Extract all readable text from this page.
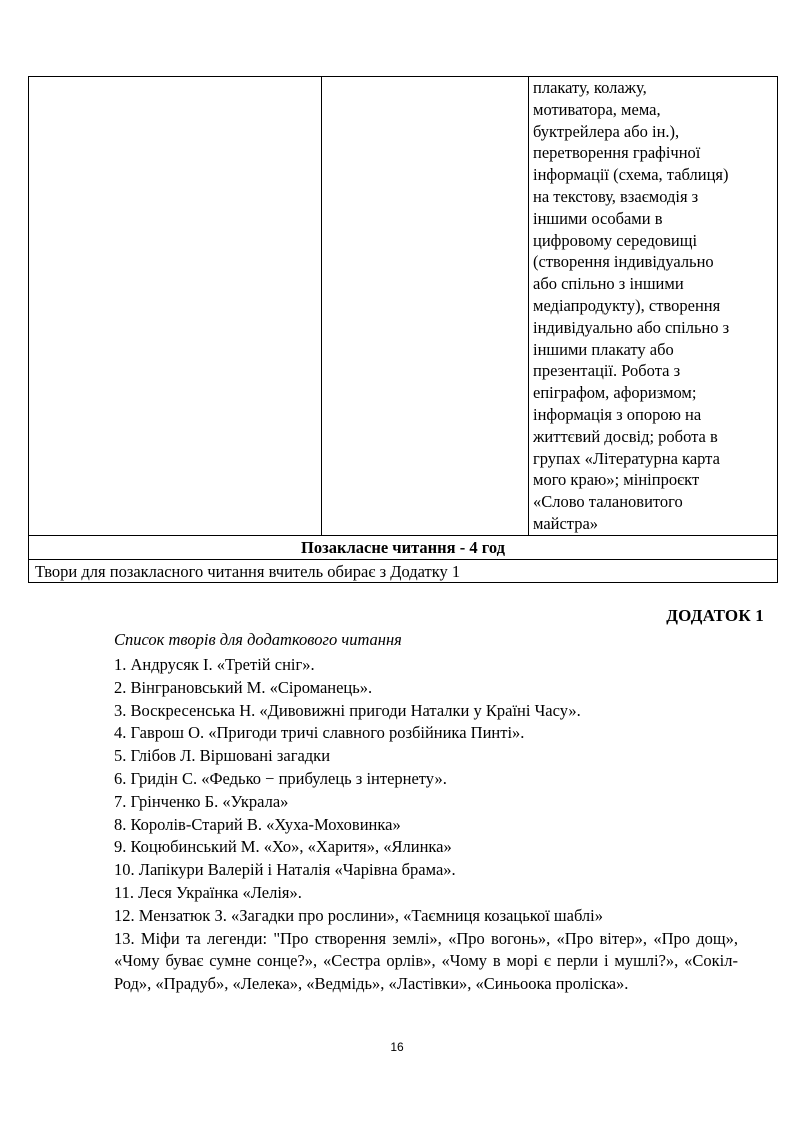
плакату, колажу,
мотиватора, мема,
буктрейлера або ін.),
перетворення графічної
інформації (схема, таблиця)
на текстову, взаємодія з
іншими особами в
цифровому середовищі
(створення індивідуально
або спільно з іншими
медіапродукту), створення
індивідуально або спільно з
іншими плакату або
презентації. Робота з
епіграфом, афоризмом;
інформація з опорою на
життєвий досвід; робота в
групах «Літературна карта
мого краю»; мініпроєкт
«Слово талановитого
майстра»

Позакласне читання - 4 год
Твори для позакласного читання вчитель обирає з Додатку 1
ДОДАТОК 1
Список творів для додаткового читання
1. Андрусяк І. «Третій сніг».
2. Вінграновський М. «Сіроманець».
3. Воскресенська Н. «Дивовижні пригоди Наталки у Країні Часу».
4. Гаврош О. «Пригоди тричі славного розбійника Пинті».
5. Глібов Л. Віршовані загадки
6. Гридін С. «Федько − прибулець з інтернету».
7. Грінченко Б. «Украла»
8. Королів-Старий В. «Хуха-Моховинка»
9. Коцюбинський М. «Хо», «Харитя», «Ялинка»
10. Лапікури Валерій і Наталія «Чарівна брама».
11. Леся Українка «Лелія».
12. Мензатюк З. «Загадки про рослини», «Таємниця козацької шаблі»
13. Міфи та легенди: "Про створення землі», «Про вогонь», «Про вітер», «Про дощ», «Чому буває сумне сонце?», «Сестра орлів», «Чому в морі є перли і мушлі?», «Сокіл-Род», «Прадуб», «Лелека», «Ведмідь», «Ластівки», «Синьоока пролiска».
16
